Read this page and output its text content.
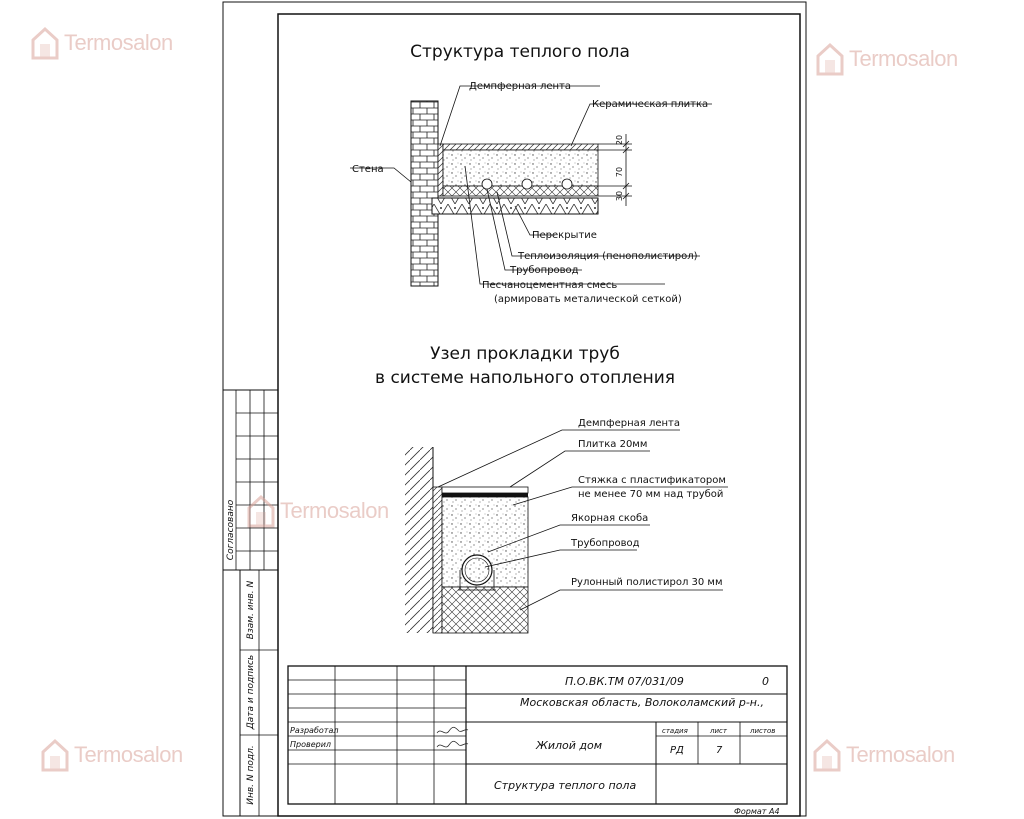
Структура теплого пола
20
70
30
Демпферная лента
Керамическая плитка
Стена
Перекрытие
Теплоизоляция (пенополистирол)
Трубопровод
Песчаноцементная смесь
(армировать металической сеткой)
Узел прокладки труб
в системе напольного отопления
Демпферная лента
Плитка 20мм
Стяжка с пластификатором
не менее 70 мм над трубой
Якорная скоба
Трубопровод
Рулонный полистирол 30 мм
Согласовано
Взам. инв. N
Дата и подпись
Инв. N подл.
П.О.ВК.ТМ 07/031/09	0
Московская область, Волоколамский р-н.,
Разработал
Проверил	Жилой дом
стадия	лист	листов
РД	7
Структура теплого пола
Формат А4
Termosalon
Termosalon
Termosalon
Termosalon	Termosalon
